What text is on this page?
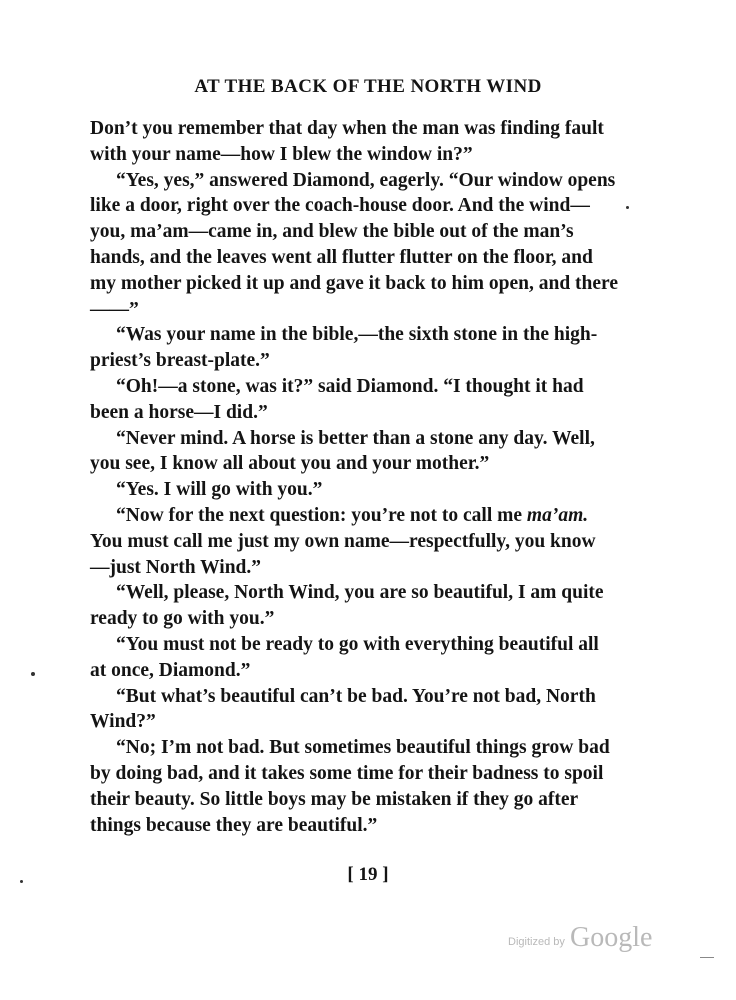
AT THE BACK OF THE NORTH WIND

Don’t you remember that day when the man was finding fault with your name—how I blew the window in?”

“Yes, yes,” answered Diamond, eagerly. “Our window opens like a door, right over the coach-house door. And the wind—you, ma’am—came in, and blew the bible out of the man’s hands, and the leaves went all flutter flutter on the floor, and my mother picked it up and gave it back to him open, and there——”

“Was your name in the bible,—the sixth stone in the high-priest’s breast-plate.”

“Oh!—a stone, was it?” said Diamond. “I thought it had been a horse—I did.”

“Never mind. A horse is better than a stone any day. Well, you see, I know all about you and your mother.”

“Yes. I will go with you.”

“Now for the next question: you’re not to call me ma’am. You must call me just my own name—respectfully, you know —just North Wind.”

“Well, please, North Wind, you are so beautiful, I am quite ready to go with you.”

“You must not be ready to go with everything beautiful all at once, Diamond.”

“But what’s beautiful can’t be bad. You’re not bad, North Wind?”

“No; I’m not bad. But sometimes beautiful things grow bad by doing bad, and it takes some time for their badness to spoil their beauty. So little boys may be mistaken if they go after things because they are beautiful.”

[ 19 ]
Digitized by Google
